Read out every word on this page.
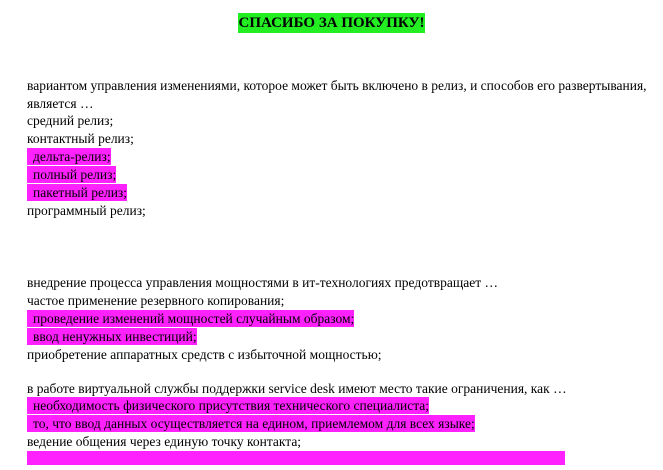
СПАСИБО ЗА ПОКУПКУ!

вариантом управления изменениями, которое может быть включено в релиз, и способов его развертывания, является …

средний релиз;
контактный релиз;
дельта-релиз;
полный релиз;
пакетный релиз;
программный релиз;

внедрение процесса управления мощностями в ит-технологиях предотвращает …

частое применение резервного копирования;
проведение изменений мощностей случайным образом;
ввод ненужных инвестиций;
приобретение аппаратных средств с избыточной мощностью;

в работе виртуальной службы поддержки service desk имеют место такие ограничения, как …

необходимость физического присутствия технического специалиста;
то, что ввод данных осуществляется на едином, приемлемом для всех языке;
ведение общения через единую точку контакта;
